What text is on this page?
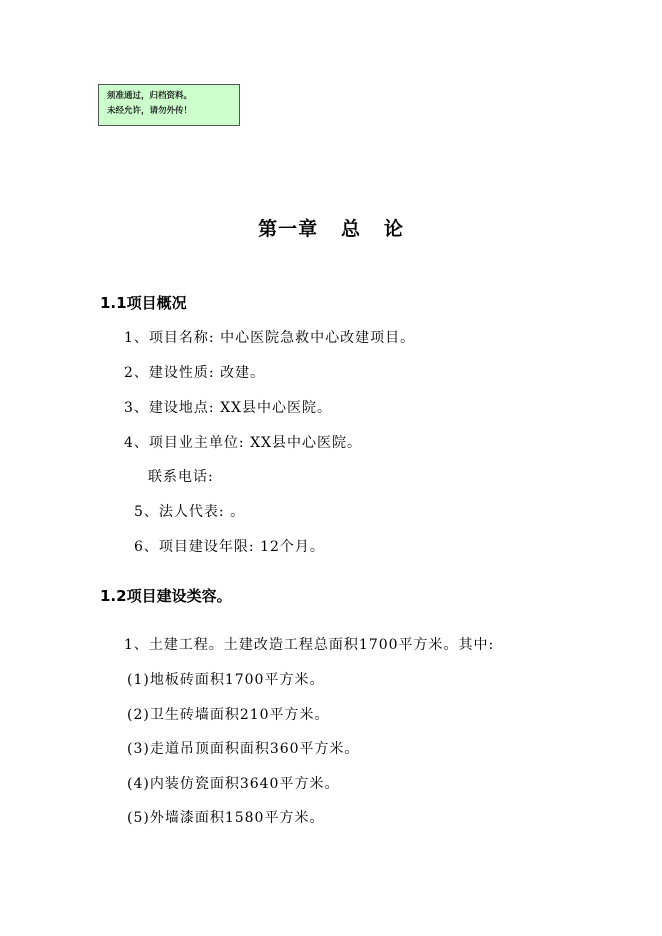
须准通过，归档资料。
未经允许，请勿外传！
第一章   总   论
1.1项目概况
1、项目名称: 中心医院急救中心改建项目。
2、建设性质: 改建。
3、建设地点: XX县中心医院。
4、项目业主单位: XX县中心医院。
联系电话:
5、法人代表: 。
6、项目建设年限: 12个月。
1.2项目建设类容。
1、土建工程。土建改造工程总面积1700平方米。其中:
(1)地板砖面积1700平方米。
(2)卫生砖墙面积210平方米。
(3)走道吊顶面积面积360平方米。
(4)内装仿瓷面积3640平方米。
(5)外墙漆面积1580平方米。
